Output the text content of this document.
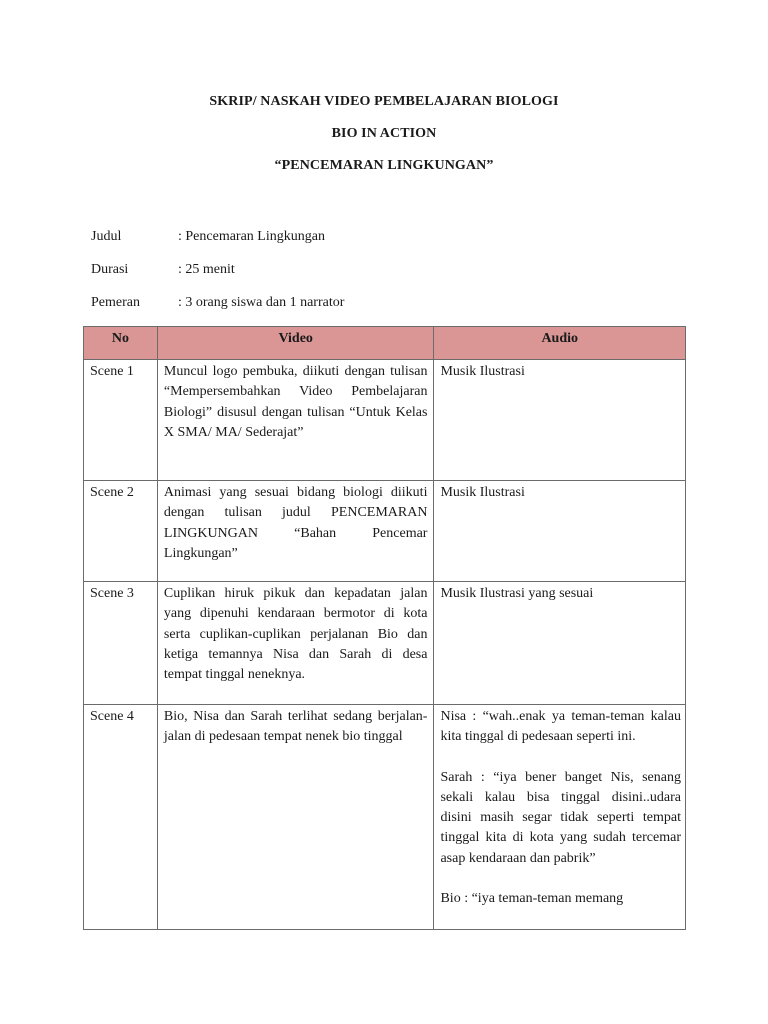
SKRIP/ NASKAH VIDEO PEMBELAJARAN BIOLOGI
BIO IN ACTION
“PENCEMARAN LINGKUNGAN”
Judul	: Pencemaran Lingkungan
Durasi	: 25 menit
Pemeran	: 3 orang siswa dan 1 narrator
No	Video	Audio
Scene 1	Muncul logo pembuka, diikuti dengan tulisan “Mempersembahkan Video Pembelajaran Biologi” disusul dengan tulisan “Untuk Kelas X SMA/ MA/ Sederajat”	Musik Ilustrasi

Scene 2	Animasi yang sesuai bidang biologi diikuti dengan tulisan judul PENCEMARAN LINGKUNGAN “Bahan Pencemar Lingkungan”	Musik Ilustrasi

Scene 3	Cuplikan hiruk pikuk dan kepadatan jalan yang dipenuhi kendaraan bermotor di kota serta cuplikan-cuplikan perjalanan Bio dan ketiga temannya Nisa dan Sarah di desa tempat tinggal neneknya.	Musik Ilustrasi yang sesuai

Scene 4	Bio, Nisa dan Sarah terlihat sedang berjalan-jalan di pedesaan tempat nenek bio tinggal	Nisa : “wah..enak ya teman-teman kalau kita tinggal di pedesaan seperti ini.
Sarah : “iya bener banget Nis, senang sekali kalau bisa tinggal disini..udara disini masih segar tidak seperti tempat tinggal kita di kota yang sudah tercemar asap kendaraan dan pabrik”
Bio : “iya teman-teman memang
